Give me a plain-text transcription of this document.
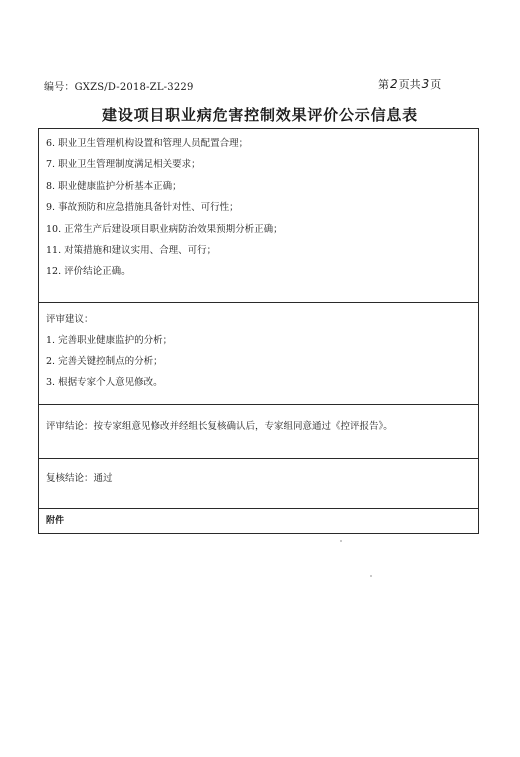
编号：GXZS/D-2018-ZL-3229	第2页共3页
建设项目职业病危害控制效果评价公示信息表
6. 职业卫生管理机构设置和管理人员配置合理；
7. 职业卫生管理制度满足相关要求；
8. 职业健康监护分析基本正确；
9. 事故预防和应急措施具备针对性、可行性；
10. 正常生产后建设项目职业病防治效果预期分析正确；
11. 对策措施和建议实用、合理、可行；
12. 评价结论正确。
评审建议：
1. 完善职业健康监护的分析；
2. 完善关键控制点的分析；
3. 根据专家个人意见修改。
评审结论：按专家组意见修改并经组长复核确认后，专家组同意通过《控评报告》。
复核结论：通过
附件
